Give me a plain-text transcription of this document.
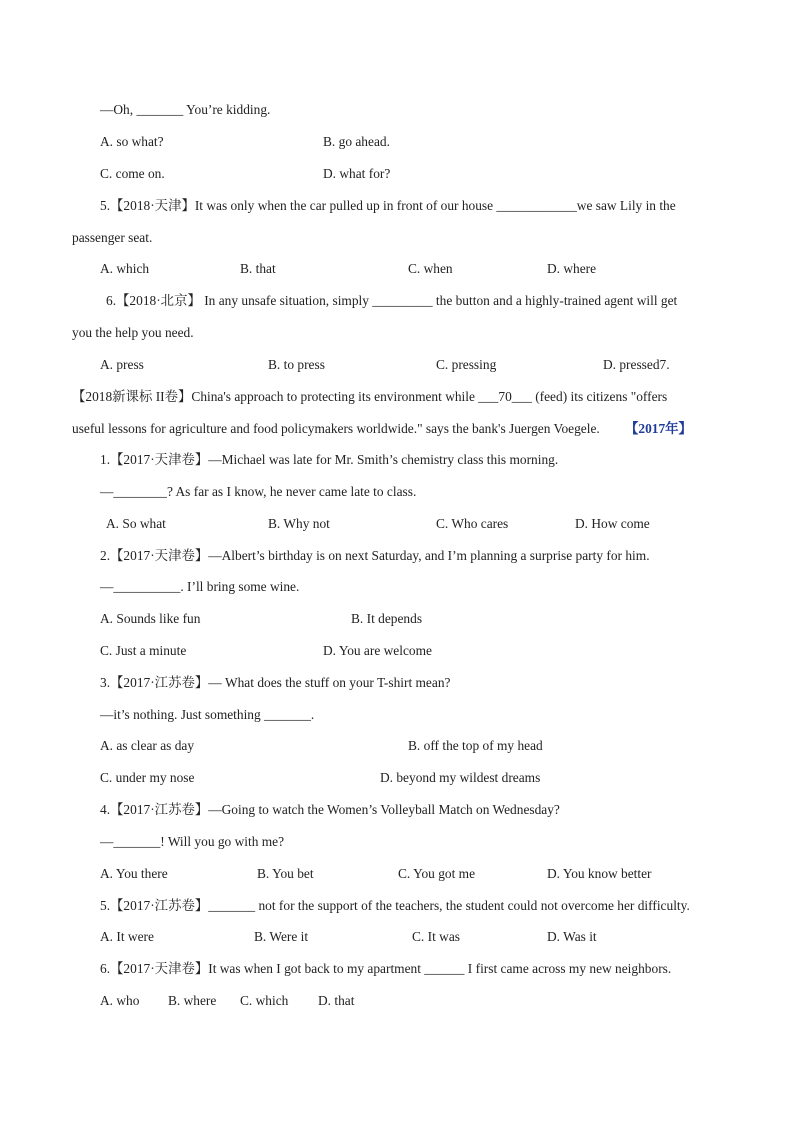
—Oh, _______ You’re kidding.
A. so what?	B. go ahead.
C. come on.	D. what for?
5.【2018·天津】It was only when the car pulled up in front of our house ____________we saw Lily in the
passenger seat.
A. which	B. that	C. when	D. where
6.【2018·北京】 In any unsafe situation, simply _________ the button and a highly-trained agent will get
you the help you need.
A. press	B. to press	C. pressing	D. pressed7.
【2018新课标 II卷】China's approach to protecting its environment while ___70___ (feed) its citizens "offers
useful lessons for agriculture and food policymakers worldwide." says the bank's Juergen Voegele. 【2017年】
1.【2017·天津卷】—Michael was late for Mr. Smith’s chemistry class this morning.
—________? As far as I know, he never came late to class.
A. So what	B. Why not	C. Who cares	D. How come
2.【2017·天津卷】—Albert’s birthday is on next Saturday, and I’m planning a surprise party for him.
—__________. I’ll bring some wine.
A. Sounds like fun	B. It depends
C. Just a minute	D. You are welcome
3.【2017·江苏卷】— What does the stuff on your T-shirt mean?
—it’s nothing. Just something _______.
A. as clear as day	B. off the top of my head
C. under my nose	D. beyond my wildest dreams
4.【2017·江苏卷】—Going to watch the Women’s Volleyball Match on Wednesday?
—_______! Will you go with me?
A. You there	B. You bet	C. You got me	D. You know better
5.【2017·江苏卷】_______ not for the support of the teachers, the student could not overcome her difficulty.
A. It were	B. Were it	C. It was	D. Was it
6.【2017·天津卷】It was when I got back to my apartment ______ I first came across my new neighbors.
A. who B. where C. which D. that
